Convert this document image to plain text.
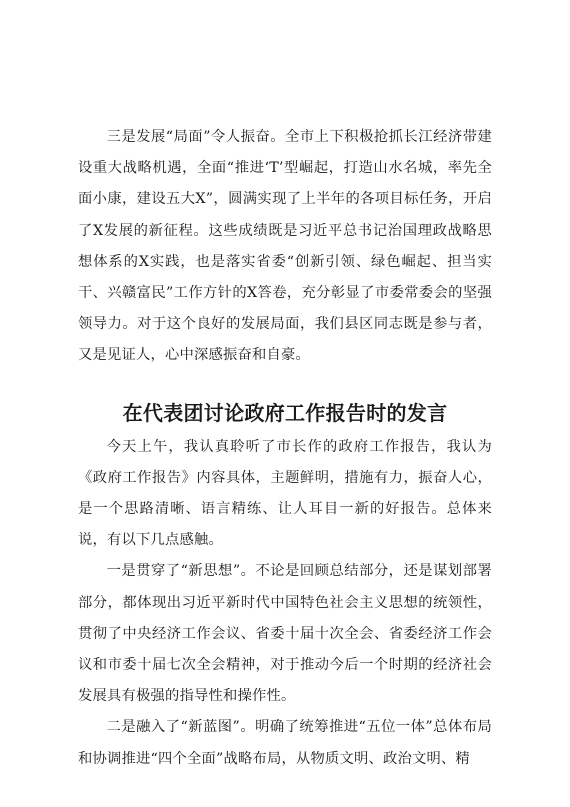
三是发展“局面”令人振奋。全市上下积极抢抓长江经济带建设重大战略机遇，全面“推进‘T’型崛起，打造山水名城，率先全面小康，建设五大X”，圆满实现了上半年的各项目标任务，开启了X发展的新征程。这些成绩既是习近平总书记治国理政战略思想体系的X实践，也是落实省委“创新引领、绿色崛起、担当实干、兴赣富民”工作方针的X答卷，充分彰显了市委常委会的坚强领导力。对于这个良好的发展局面，我们县区同志既是参与者，又是见证人，心中深感振奋和自豪。

在代表团讨论政府工作报告时的发言

今天上午，我认真聆听了市长作的政府工作报告，我认为《政府工作报告》内容具体，主题鲜明，措施有力，振奋人心，是一个思路清晰、语言精练、让人耳目一新的好报告。总体来说，有以下几点感触。

一是贯穿了“新思想”。不论是回顾总结部分，还是谋划部署部分，都体现出习近平新时代中国特色社会主义思想的统领性，贯彻了中央经济工作会议、省委十届十次全会、省委经济工作会议和市委十届七次全会精神，对于推动今后一个时期的经济社会发展具有极强的指导性和操作性。

二是融入了“新蓝图”。明确了统筹推进“五位一体”总体布局和协调推进“四个全面”战略布局，从物质文明、政治文明、精
